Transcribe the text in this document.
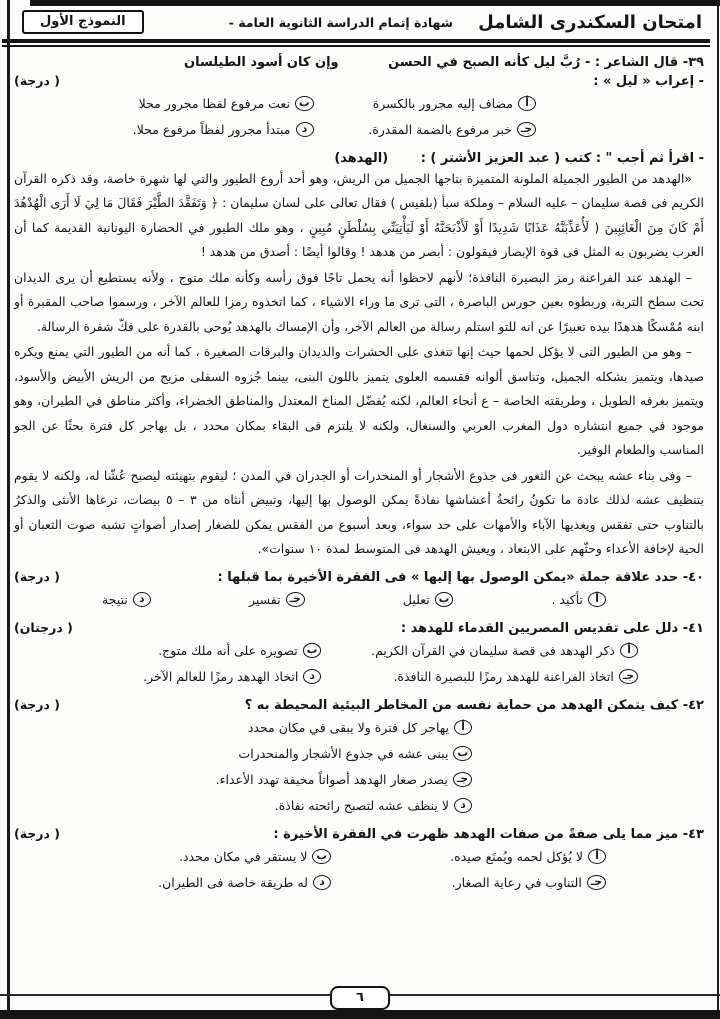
امتحان السكندرى الشامل
شهادة إتمام الدراسة الثانوية العامة -
النموذج الأول
٣٩- قال الشاعر : - رُبَّ ليل كأنه الصبح في الحسن
وإن كان أسود الطيلسان
- إعراب « ليل » :
( درجة)
أ
مضاف إليه مجرور بالكسرة
ب
نعت مرفوع لفظا مجرور محلا
جـ
خبر مرفوع بالضمة المقدرة.
د
مبتدأ مجرور لفظاً مرفوع محلا.
- اقرأ ثم أجب " : كتب ( عبد العزيز الأشتر ) : (الهدهد)

«الهدهد من الطيور الجميلة الملونة المتميزة بتاجها الجميل من الريش، وهو أحد أروع الطيور والتي لها شهرة خاصة، وقد ذكره القرآن الكريم فى قصة سليمان – عليه السلام – وملكة سبأ (بلقيس ) فقال تعالى على لسان سليمان : ﴿ وَتَفَقَّدَ الطَّيْرَ فَقَالَ مَا لِيَ لَا أَرَى الْهُدْهُدَ أَمْ كَانَ مِنَ الْغَائِبِينَ ( لَأُعَذِّبَنَّهُ عَذَابًا شَدِيدًا أَوْ لَأَذْبَحَنَّهُ أَوْ لَيَأْتِيَنِّي بِسُلْطَنٍ مُبِينٍ ، وهو ملك الطيور في الحضارة اليونانية القديمة كما أن العرب يضربون به المثل فى قوة الإبصار فيقولون : أبصر من هدهد ! وقالوا أيضًا : أصدق من هدهد !

– الهدهد عند الفراعنة رمز البصيرة النافذة؛ لأنهم لاحظوا أنه يحمل تاجًا فوق رأسه وكأنه ملك متوج ، ولأنه يستطيع أن يرى الديدان تحت سطح التربة، وربطوه بعين حورس الباصرة ، التى ترى ما وراء الاشياء ، كما اتخذوه رمزا للعالم الآخر ، ورسموا صاحب المقبرة أو ابنه مُمْسكًا هدهدًا بيده تعبيرًا عن انه للتو استلم رسالة من العالم الآخر، وأن الإمساك بالهدهد يُوحى بالقدرة على فكّ شفرة الرسالة.

– وهو من الطيور التى لا يؤكل لحمها حيث إنها تتغذى على الحشرات والديدان والبرقات الصغيرة ، كما أنه من الطيور التي يمنع ويكره صيدها، ويتميز بشكله الجميل، وتناسق ألوانه فقسمه العلوى يتميز باللون البنى، بينما جُزوه السفلى مزيج من الريش الأبيض والأسود، ويتميز بغرفه الطويل ، وطريقته الخاصة – ع أنحاء العالم، لكنه يُفضّل المناخ المعتدل والمناطق الخضراء، وأكثر مناطق في الطيران، وهو موجود في جميع انتشاره دول المغرب العربي والسنغال، ولكنه لا يلتزم فى البقاء بمكان محدد ، بل يهاجر كل فترة بحثًا عن الجو المناسب والطعام الوفير.

– وفى بناء عشه يبحث عن الثغور فى جذوع الأشجار أو المنحدرات أو الجدران في المدن ؛ ليقوم بتهيئته ليصبح عُشّا له، ولكنه لا يقوم بتنظيف عشه لذلك عادة ما تكونُ رائحةُ أعشاشها نفاذةً يمكن الوصول بها إليها، وتبيض أنثاه من ٣ – ٥ بيضات، ترعاها الأنثى والذكرُ بالتناوب حتى تفقس ويغذيها الآباء والأمهات على حد سواء، وبعد أسبوع من الفقس يمكن للصغار إصدار أصواتٍ تشبه صوت الثعبان أو الحية لإخافة الأعداء وحثّهم على الابتعاد ، ويعيش الهدهد فى المتوسط لمدة ١٠ سنوات».

٤٠- حدد علاقة جملة «يمكن الوصول بها إليها » فى الفقرة الأخيرة بما قبلها :
( درجة)
أ
تأكيد .
ب
تعليل
جـ
تفسير
د
نتيجة
٤١- دلل على تقديس المصريين القدماء للهدهد :
( درجتان)
أ
ذكر الهدهد فى قصة سليمان في القرآن الكريم.
ب
تصويره على أنه ملك متوج.
جـ
اتخاذ الفراعنة للهدهد رمزًا للبصيرة النافذة.
د
اتخاذ الهدهد رمزًا للعالم الآخر.
٤٢- كيف يتمكن الهدهد من حماية نفسه من المخاطر البيئية المحيطة به ؟
( درجة)
أ
يهاجر كل فترة ولا يبقى في مكان محدد
ب
يبنى عشه في جذوع الأشجار والمنحدرات
جـ
يصدر صغار الهدهد أصواتاً مخيفة تهدد الأعداء.
د
لا ينظف عشه لتصبح رائحته نفاذة.
٤٣- ميز مما يلى صفةً من صفات الهدهد ظهرت في الفقرة الأخيرة :
( درجة)
أ
لا يُؤكل لحمه ويُمنَع صيده.
ب
لا يستقر في مكان محدد.
جـ
التناوب في رعاية الصغار.
د
له طريقة خاصة فى الطيران.
٦
